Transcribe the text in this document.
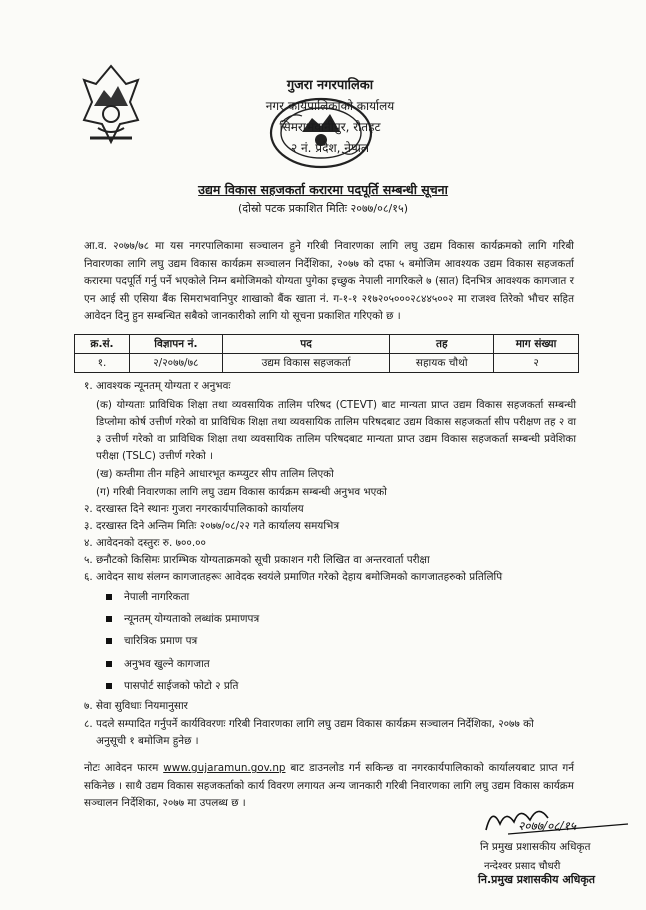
गुजरा नगरपालिका
नगर कार्यपालिकाको कार्यालय
सिमराभवानीपुर, रौतहट
२ नं. प्रदेश, नेपाल
उद्यम विकास सहजकर्ता करारमा पदपूर्ति सम्बन्धी सूचना
(दोस्रो पटक प्रकाशित मितिः २०७७/०८/१५)
आ.व. २०७७/७८ मा यस नगरपालिकामा सञ्चालन हुने गरिबी निवारणका लागि लघु उद्यम विकास कार्यक्रमको लागि गरिबी निवारणका लागि लघु उद्यम विकास कार्यक्रम सञ्चालन निर्देशिका, २०७७ को दफा ५ बमोजिम आवश्यक उद्यम विकास सहजकर्ता करारमा पदपूर्ति गर्नु पर्ने भएकोले निम्न बमोजिमको योग्यता पुगेका इच्छुक नेपाली नागरिकले ७ (सात) दिनभित्र आवश्यक कागजात र एन आई सी एसिया बैंक सिमराभवानिपुर शाखाको बैंक खाता नं. ग-१-१ २१७२०५०००२८४४५००२ मा राजश्व तिरेको भौचर सहित आवेदन दिनु हुन सम्बन्धित सबैको जानकारीको लागि यो सूचना प्रकाशित गरिएको छ ।
क्र.सं.	विज्ञापन नं.	पद	तह	माग संख्या
१.	२/२०७७/७८	उद्यम विकास सहजकर्ता	सहायक चौथो	२
१. आवश्यक न्यूनतम् योग्यता र अनुभवः
(क) योग्यताः प्राविधिक शिक्षा तथा व्यवसायिक तालिम परिषद (CTEVT) बाट मान्यता प्राप्त उद्यम विकास सहजकर्ता सम्बन्धी डिप्लोमा कोर्ष उत्तीर्ण गरेको वा प्राविधिक शिक्षा तथा व्यवसायिक तालिम परिषदबाट उद्यम विकास सहजकर्ता सीप परीक्षण तह २ वा ३ उत्तीर्ण गरेको वा प्राविधिक शिक्षा तथा व्यवसायिक तालिम परिषदबाट मान्यता प्राप्त उद्यम विकास सहजकर्ता सम्बन्धी प्रवेशिका परीक्षा (TSLC) उत्तीर्ण गरेको ।
(ख) कम्तीमा तीन महिने आधारभूत कम्प्युटर सीप तालिम लिएको
(ग) गरिबी निवारणका लागि लघु उद्यम विकास कार्यक्रम सम्बन्धी अनुभव भएको
२. दरखास्त दिने स्थानः गुजरा नगरकार्यपालिकाको कार्यालय
३. दरखास्त दिने अन्तिम मितिः २०७७/०८/२२ गते कार्यालय समयभित्र
४. आवेदनको दस्तुरः रु. ७००.००
५. छनौटको किसिमः प्रारम्भिक योग्यताक्रमको सूची प्रकाशन गरी लिखित वा अन्तरवार्ता परीक्षा
६. आवेदन साथ संलग्न कागजातहरूः आवेदक स्वयंले प्रमाणित गरेको देहाय बमोजिमको कागजातहरुको प्रतिलिपि
नेपाली नागरिकता
न्यूनतम् योग्यताको लब्धांक प्रमाणपत्र
चारित्रिक प्रमाण पत्र
अनुभव खुल्ने कागजात
पासपोर्ट साईजको फोटो २ प्रति
७. सेवा सुविधाः नियमानुसार
८. पदले सम्पादित गर्नुपर्ने कार्यविवरणः गरिबी निवारणका लागि लघु उद्यम विकास कार्यक्रम सञ्चालन निर्देशिका, २०७७ को
अनुसूची १ बमोजिम हुनेछ ।
नोटः आवेदन फारम www.gujaramun.gov.np बाट डाउनलोड गर्न सकिन्छ वा नगरकार्यपालिकाको कार्यालयबाट प्राप्त गर्न सकिनेछ । साथै उद्यम विकास सहजकर्ताको कार्य विवरण लगायत अन्य जानकारी गरिबी निवारणका लागि लघु उद्यम विकास कार्यक्रम सञ्चालन निर्देशिका, २०७७ मा उपलब्ध छ ।
२०७७/०८/१५
नि प्रमुख प्रशासकीय अधिकृत
नन्देश्वर प्रसाद चौधरी
नि.प्रमुख प्रशासकीय अधिकृत
